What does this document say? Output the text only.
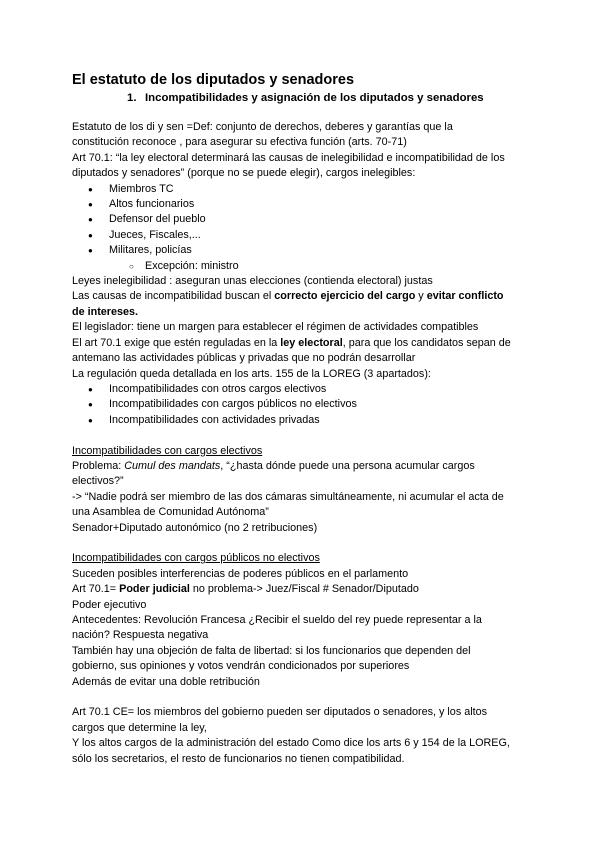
El estatuto de los diputados y senadores
1. Incompatibilidades y asignación de los diputados y senadores

Estatuto de los di y sen =Def: conjunto de derechos, deberes y garantías que la

constitución reconoce , para asegurar su efectiva función (arts. 70-71)

Art 70.1: “la ley electoral determinará las causas de inelegibilidad e incompatibilidad de los

diputados y senadores” (porque no se puede elegir), cargos inelegibles:

● Miembros TC
● Altos funcionarios
● Defensor del pueblo
● Jueces, Fiscales,...
● Militares, policías
○ Excepción: ministro

Leyes inelegibilidad : aseguran unas elecciones (contienda electoral) justas

Las causas de incompatibilidad buscan el correcto ejercicio del cargo y evitar conflicto

de intereses.

El legislador: tiene un margen para establecer el régimen de actividades compatibles

El art 70.1 exige que estén reguladas en la ley electoral, para que los candidatos sepan de

antemano las actividades públicas y privadas que no podrán desarrollar

La regulación queda detallada en los arts. 155 de la LOREG (3 apartados):

● Incompatibilidades con otros cargos electivos
● Incompatibilidades con cargos públicos no electivos
● Incompatibilidades con actividades privadas

Incompatibilidades con cargos electivos

Problema: Cumul des mandats, “¿hasta dónde puede una persona acumular cargos

electivos?”

-> “Nadie podrá ser miembro de las dos cámaras simultáneamente, ni acumular el acta de

una Asamblea de Comunidad Autónoma”

Senador+Diputado autonómico (no 2 retribuciones)

Incompatibilidades con cargos públicos no electivos

Suceden posibles interferencias de poderes públicos en el parlamento

Art 70.1= Poder judicial no problema-> Juez/Fiscal # Senador/Diputado

Poder ejecutivo

Antecedentes: Revolución Francesa ¿Recibir el sueldo del rey puede representar a la

nación? Respuesta negativa

También hay una objeción de falta de libertad: si los funcionarios que dependen del

gobierno, sus opiniones y votos vendrán condicionados por superiores

Además de evitar una doble retribución

Art 70.1 CE= los miembros del gobierno pueden ser diputados o senadores, y los altos

cargos que determine la ley,

Y los altos cargos de la administración del estado Como dice los arts 6 y 154 de la LOREG,

sólo los secretarios, el resto de funcionarios no tienen compatibilidad.
